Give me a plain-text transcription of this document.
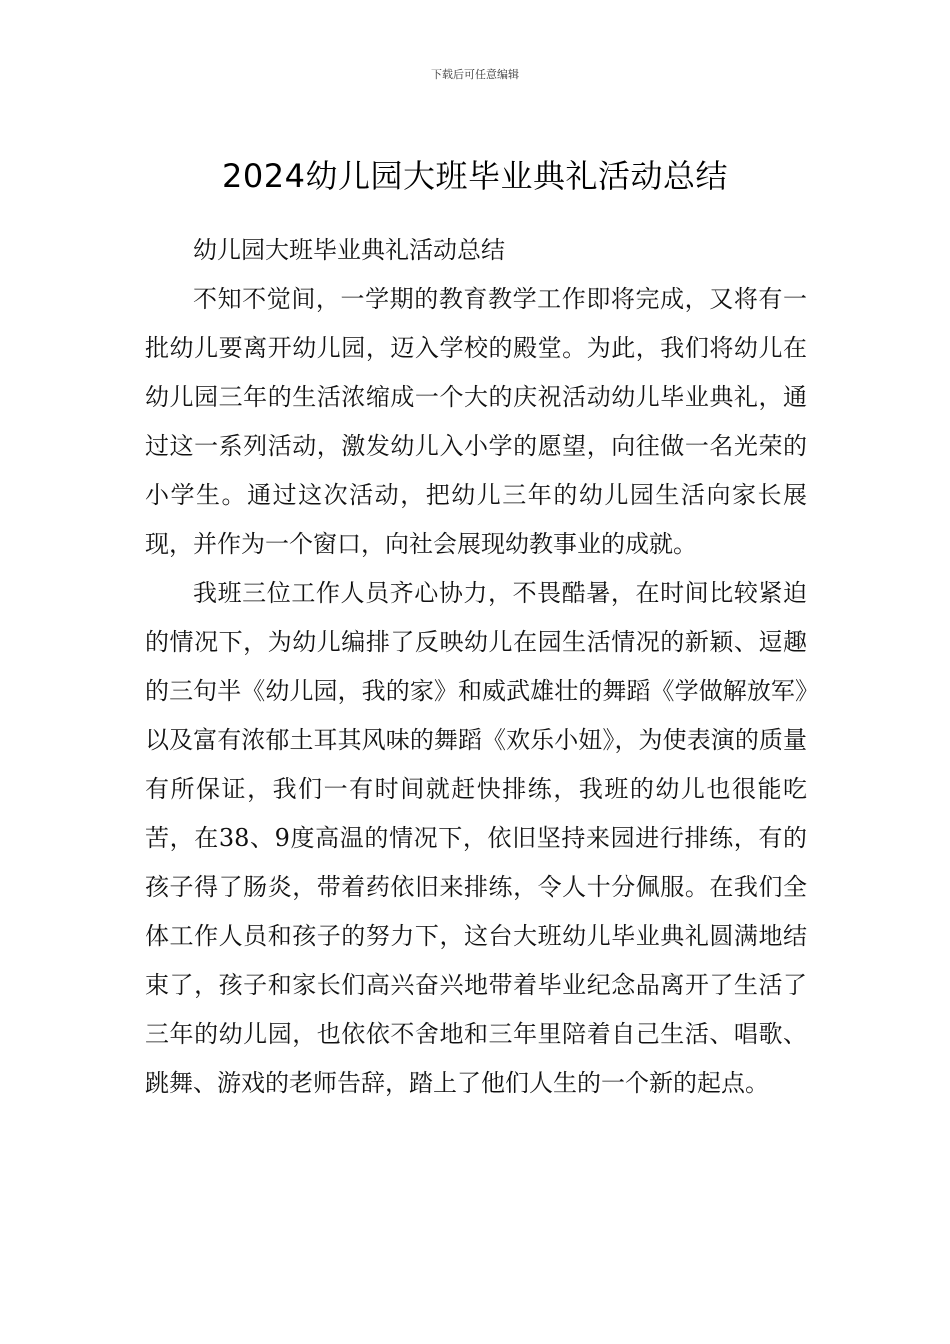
下载后可任意编辑
2024幼儿园大班毕业典礼活动总结

幼儿园大班毕业典礼活动总结

不知不觉间，一学期的教育教学工作即将完成，又将有一批幼儿要离开幼儿园，迈入学校的殿堂。为此，我们将幼儿在幼儿园三年的生活浓缩成一个大的庆祝活动幼儿毕业典礼，通过这一系列活动，激发幼儿入小学的愿望，向往做一名光荣的小学生。通过这次活动，把幼儿三年的幼儿园生活向家长展现，并作为一个窗口，向社会展现幼教事业的成就。

我班三位工作人员齐心协力，不畏酷暑，在时间比较紧迫的情况下，为幼儿编排了反映幼儿在园生活情况的新颖、逗趣的三句半《幼儿园，我的家》和威武雄壮的舞蹈《学做解放军》以及富有浓郁土耳其风味的舞蹈《欢乐小妞》，为使表演的质量有所保证，我们一有时间就赶快排练，我班的幼儿也很能吃苦，在38、9度高温的情况下，依旧坚持来园进行排练，有的孩子得了肠炎，带着药依旧来排练，令人十分佩服。在我们全体工作人员和孩子的努力下，这台大班幼儿毕业典礼圆满地结束了，孩子和家长们高兴奋兴地带着毕业纪念品离开了生活了三年的幼儿园，也依依不舍地和三年里陪着自己生活、唱歌、跳舞、游戏的老师告辞，踏上了他们人生的一个新的起点。
